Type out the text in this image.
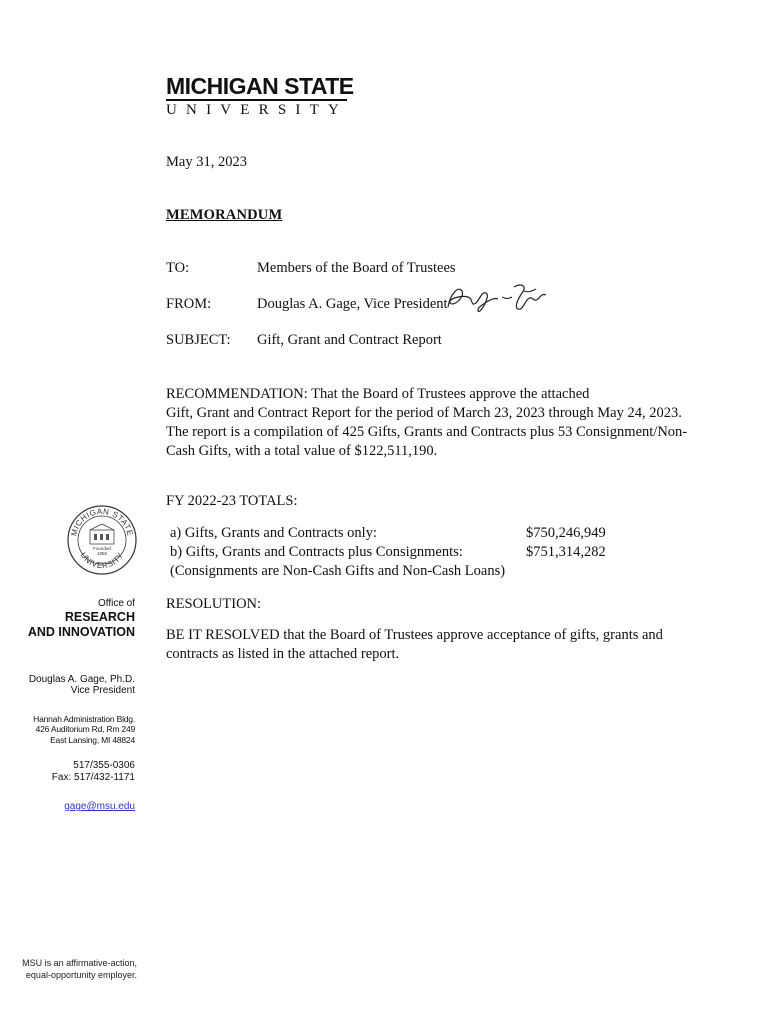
MICHIGAN STATE
UNIVERSITY
May 31, 2023
MEMORANDUM
TO:	Members of the Board of Trustees
FROM:	Douglas A. Gage, Vice President
SUBJECT: Gift, Grant and Contract Report
RECOMMENDATION: That the Board of Trustees approve the attached
Gift, Grant and Contract Report for the period of March 23, 2023 through May 24, 2023.
The report is a compilation of 425 Gifts, Grants and Contracts plus 53 Consignment/Non-
Cash Gifts, with a total value of $122,511,190.
FY 2022-23 TOTALS:
a) Gifts, Grants and Contracts only:	$750,246,949
b) Gifts, Grants and Contracts plus Consignments:	$751,314,282
(Consignments are Non-Cash Gifts and Non-Cash Loans)
RESOLUTION:
BE IT RESOLVED that the Board of Trustees approve acceptance of gifts, grants and
contracts as listed in the attached report.
MICHIGAN STATE
UNIVERSITY
Founded
1855
Office of
RESEARCH
AND INNOVATION
Douglas A. Gage, Ph.D.
Vice President
Hannah Administration Bldg.
426 Auditorium Rd, Rm 249
East Lansing, MI 48824
517/355-0306
Fax: 517/432-1171
gage@msu.edu
MSU is an affirmative-action,
equal-opportunity employer.
